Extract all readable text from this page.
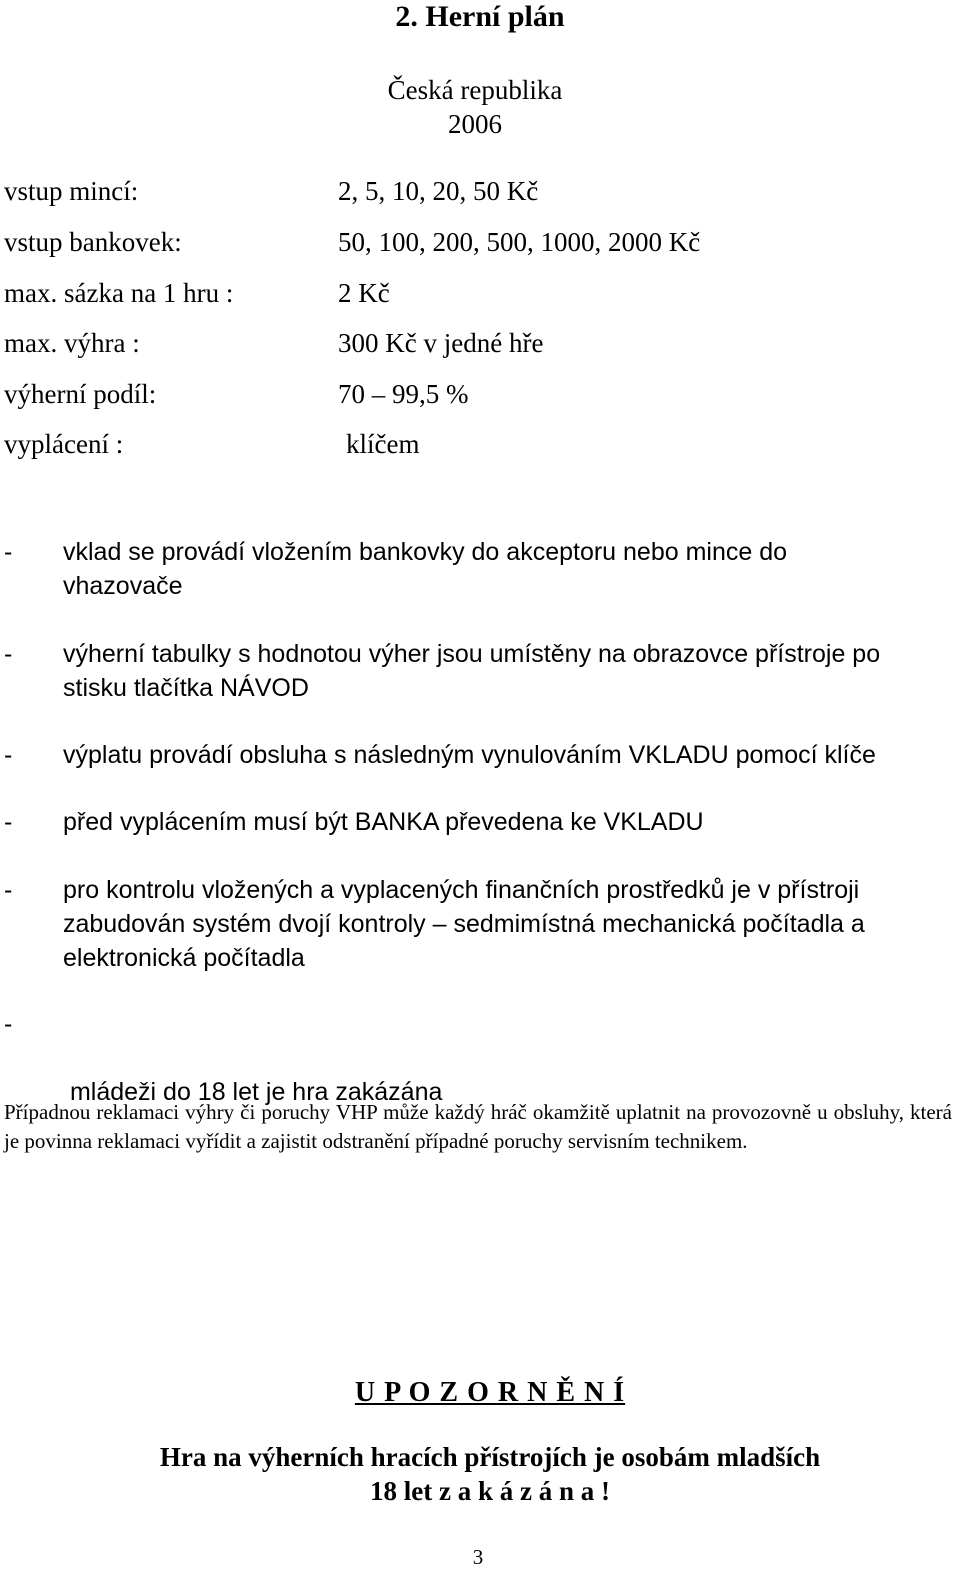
2. Herní plán
Česká republika
2006
vstup mincí:	2, 5, 10, 20, 50 Kč
vstup bankovek:	50, 100, 200, 500, 1000, 2000 Kč
max. sázka na 1 hru :	2 Kč
max. výhra :	300 Kč v jedné hře
výherní podíl:	70 – 99,5 %
vyplácení :	klíčem
- vklad se provádí vložením bankovky do akceptoru nebo mince do
vhazovače
- výherní tabulky s hodnotou výher jsou umístěny na obrazovce přístroje po
stisku tlačítka NÁVOD
- výplatu provádí obsluha s následným vynulováním VKLADU pomocí klíče
- před vyplácením musí být BANKA převedena ke VKLADU
- pro kontrolu vložených a vyplacených finančních prostředků je v přístroji
zabudován systém dvojí kontroly – sedmimístná mechanická počítadla a
elektronická počítadla
-

mládeži do 18 let je hra zakázána

Případnou reklamaci výhry či poruchy VHP může každý hráč okamžitě uplatnit na provozovně u obsluhy, která je povinna reklamaci vyřídit a zajistit odstranění případné poruchy servisním technikem.
U P O Z O R N Ě N Í
Hra na výherních hracích přístrojích je osobám mladších
18 let z a k á z á n a !
3
